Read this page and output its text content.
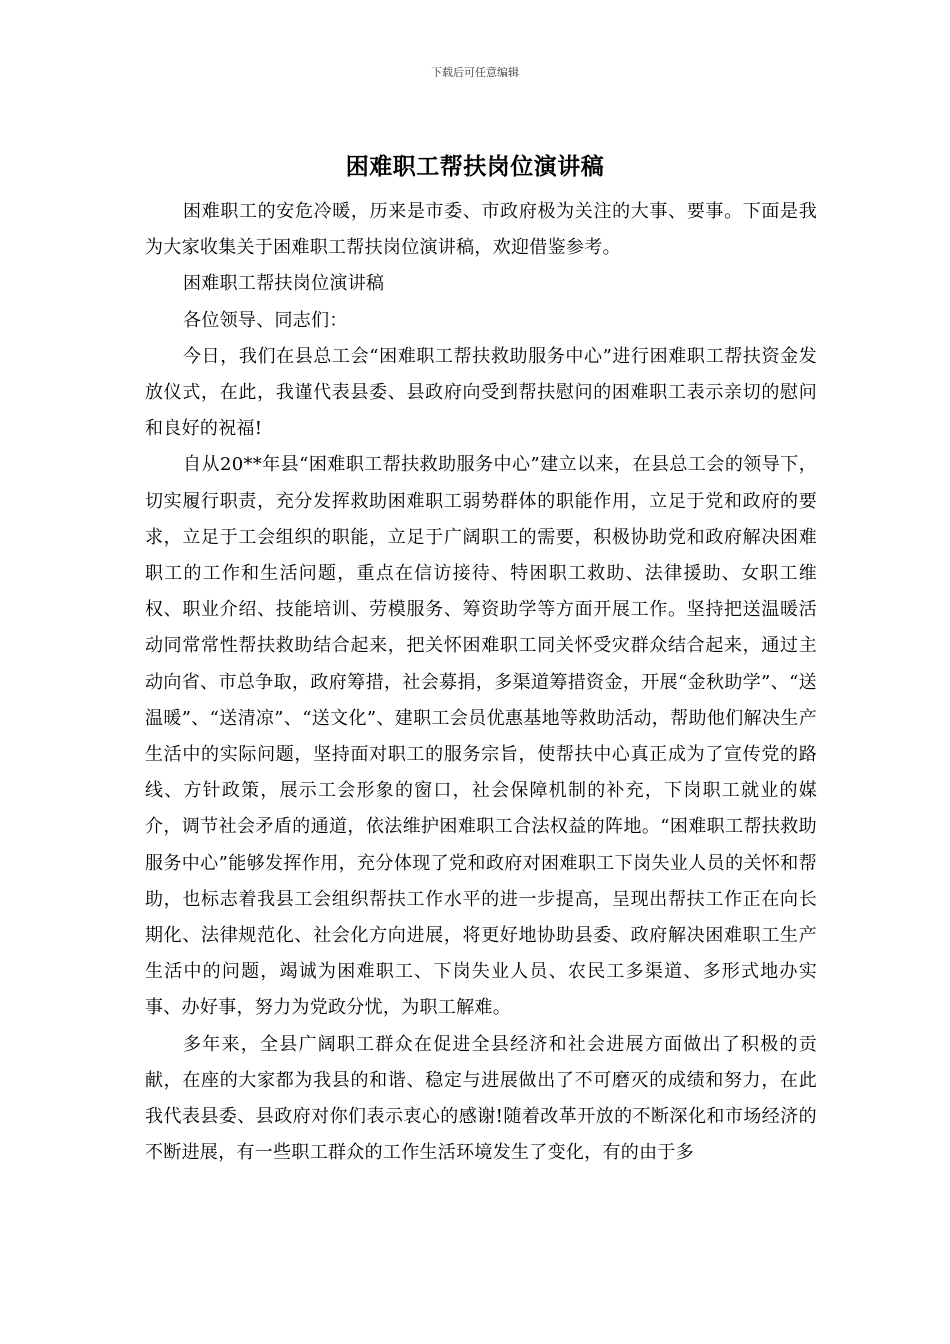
下载后可任意编辑
困难职工帮扶岗位演讲稿

困难职工的安危冷暖，历来是市委、市政府极为关注的大事、要事。下面是我为大家收集关于困难职工帮扶岗位演讲稿，欢迎借鉴参考。

困难职工帮扶岗位演讲稿

各位领导、同志们：

今日，我们在县总工会“困难职工帮扶救助服务中心”进行困难职工帮扶资金发放仪式，在此，我谨代表县委、县政府向受到帮扶慰问的困难职工表示亲切的慰问和良好的祝福!

自从20**年县“困难职工帮扶救助服务中心”建立以来，在县总工会的领导下，切实履行职责，充分发挥救助困难职工弱势群体的职能作用，立足于党和政府的要求，立足于工会组织的职能，立足于广阔职工的需要，积极协助党和政府解决困难职工的工作和生活问题，重点在信访接待、特困职工救助、法律援助、女职工维权、职业介绍、技能培训、劳模服务、筹资助学等方面开展工作。坚持把送温暖活动同常常性帮扶救助结合起来，把关怀困难职工同关怀受灾群众结合起来，通过主动向省、市总争取，政府筹措，社会募捐，多渠道筹措资金，开展“金秋助学”、“送温暖”、“送清凉”、“送文化”、建职工会员优惠基地等救助活动，帮助他们解决生产生活中的实际问题，坚持面对职工的服务宗旨，使帮扶中心真正成为了宣传党的路线、方针政策，展示工会形象的窗口，社会保障机制的补充，下岗职工就业的媒介，调节社会矛盾的通道，依法维护困难职工合法权益的阵地。“困难职工帮扶救助服务中心”能够发挥作用，充分体现了党和政府对困难职工下岗失业人员的关怀和帮助，也标志着我县工会组织帮扶工作水平的进一步提高，呈现出帮扶工作正在向长期化、法律规范化、社会化方向进展，将更好地协助县委、政府解决困难职工生产生活中的问题，竭诚为困难职工、下岗失业人员、农民工多渠道、多形式地办实事、办好事，努力为党政分忧，为职工解难。

多年来，全县广阔职工群众在促进全县经济和社会进展方面做出了积极的贡献，在座的大家都为我县的和谐、稳定与进展做出了不可磨灭的成绩和努力，在此我代表县委、县政府对你们表示衷心的感谢!随着改革开放的不断深化和市场经济的不断进展，有一些职工群众的工作生活环境发生了变化，有的由于多
